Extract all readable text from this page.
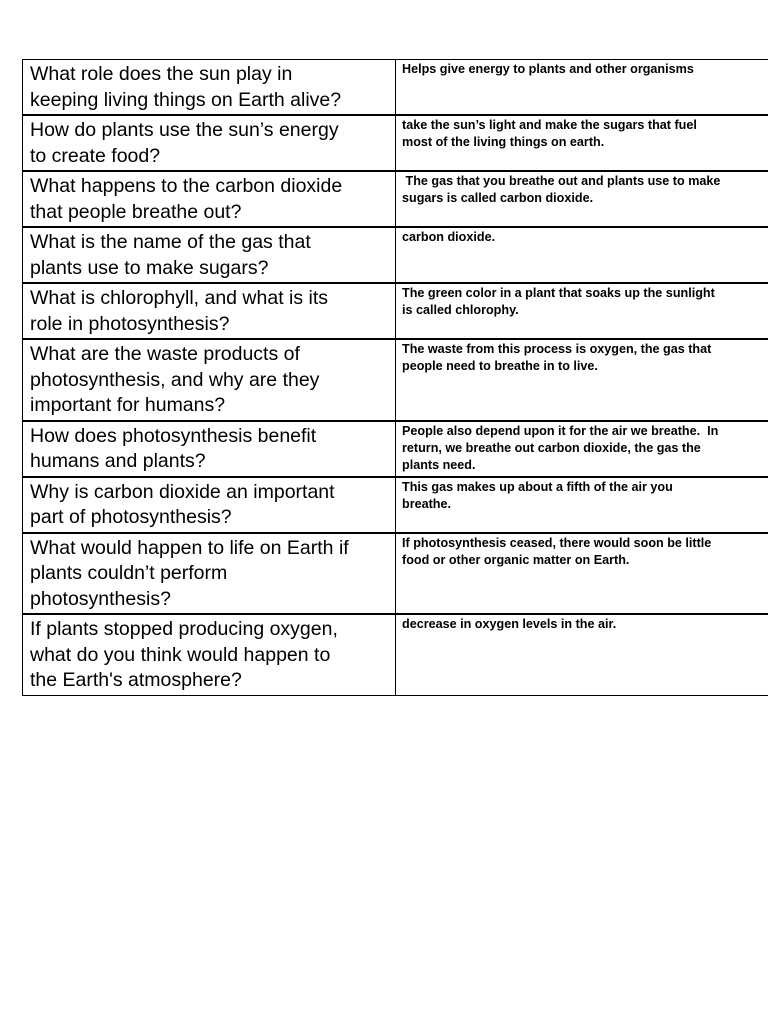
What role does the sun play in
keeping living things on Earth alive?	Helps give energy to plants and other organisms

How do plants use the sun’s energy
to create food?	take the sun’s light and make the sugars that fuel
most of the living things on earth.

What happens to the carbon dioxide
that people breathe out?	The gas that you breathe out and plants use to make
sugars is called carbon dioxide.

What is the name of the gas that
plants use to make sugars?	carbon dioxide.

What is chlorophyll, and what is its
role in photosynthesis?	The green color in a plant that soaks up the sunlight
is called chlorophy.

What are the waste products of
photosynthesis, and why are they
important for humans?	The waste from this process is oxygen, the gas that
people need to breathe in to live.

How does photosynthesis benefit
humans and plants?	People also depend upon it for the air we breathe.  In
return, we breathe out carbon dioxide, the gas the
plants need.

Why is carbon dioxide an important
part of photosynthesis?	This gas makes up about a fifth of the air you
breathe.

What would happen to life on Earth if
plants couldn’t perform
photosynthesis?	If photosynthesis ceased, there would soon be little
food or other organic matter on Earth.

If plants stopped producing oxygen,
what do you think would happen to
the Earth's atmosphere?	decrease in oxygen levels in the air.
